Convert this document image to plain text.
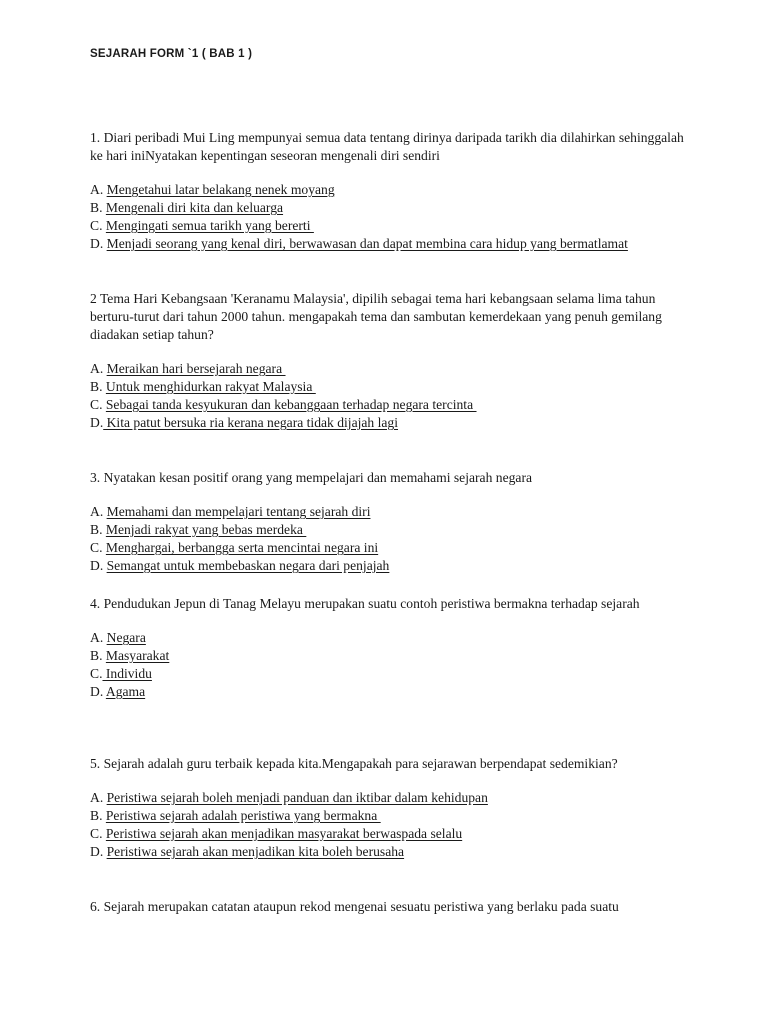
SEJARAH FORM `1 ( BAB 1 )

1. Diari peribadi Mui Ling mempunyai semua data tentang dirinya daripada tarikh dia dilahirkan sehinggalah ke hari iniNyatakan kepentingan seseoran mengenali diri sendiri

A. Mengetahui latar belakang nenek moyang
B. Mengenali diri kita dan keluarga
C. Mengingati semua tarikh yang bererti
D. Menjadi seorang yang kenal diri, berwawasan dan dapat membina cara hidup yang bermatlamat

2 Tema Hari Kebangsaan 'Keranamu Malaysia', dipilih sebagai tema hari kebangsaan selama lima tahun berturu-turut dari tahun 2000 tahun. mengapakah tema dan sambutan kemerdekaan yang penuh gemilang diadakan setiap tahun?

A. Meraikan hari bersejarah negara
B. Untuk menghidurkan rakyat Malaysia
C. Sebagai tanda kesyukuran dan kebanggaan terhadap negara tercinta
D. Kita patut bersuka ria kerana negara tidak dijajah lagi

3. Nyatakan kesan positif orang yang mempelajari dan memahami sejarah negara

A. Memahami dan mempelajari tentang sejarah diri
B. Menjadi rakyat yang bebas merdeka
C. Menghargai, berbangga serta mencintai negara ini
D. Semangat untuk membebaskan negara dari penjajah

4. Pendudukan Jepun di Tanag Melayu merupakan suatu contoh peristiwa bermakna terhadap sejarah

A. Negara
B. Masyarakat
C. Individu
D. Agama

5. Sejarah adalah guru terbaik kepada kita.Mengapakah para sejarawan berpendapat sedemikian?

A. Peristiwa sejarah boleh menjadi panduan dan iktibar dalam kehidupan
B. Peristiwa sejarah adalah peristiwa yang bermakna
C. Peristiwa sejarah akan menjadikan masyarakat berwaspada selalu
D. Peristiwa sejarah akan menjadikan kita boleh berusaha

6. Sejarah merupakan catatan ataupun rekod mengenai sesuatu peristiwa yang berlaku pada suatu
